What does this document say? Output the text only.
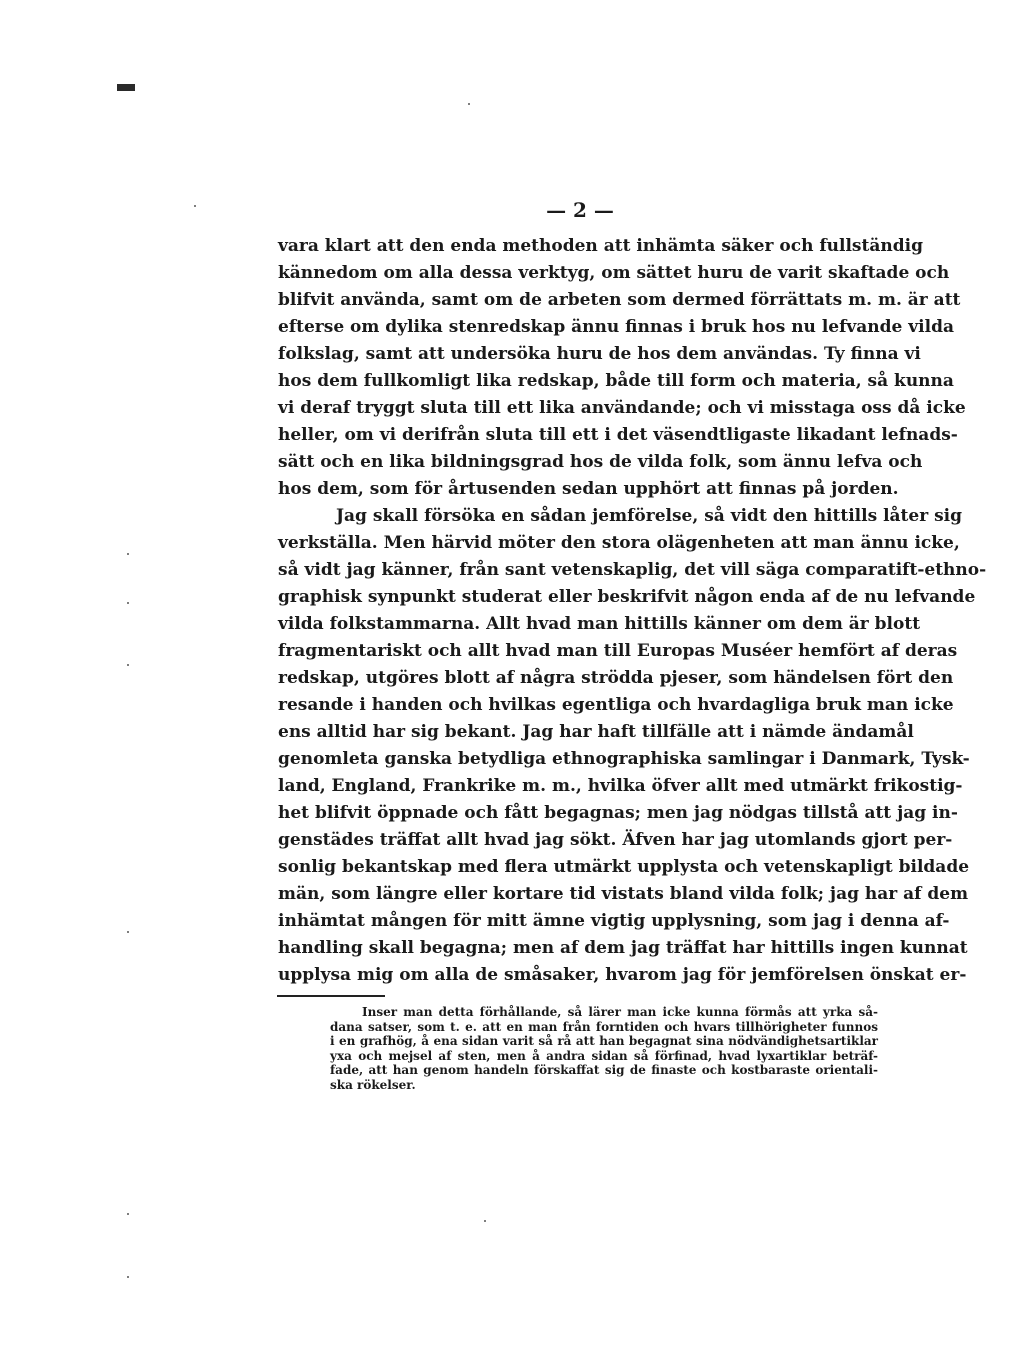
— 2 —
vara klart att den enda methoden att inhämta säker och fullständig
kännedom om alla dessa verktyg, om sättet huru de varit skaftade och
blifvit använda, samt om de arbeten som dermed förrättats m. m. är att
efterse om dylika stenredskap ännu finnas i bruk hos nu lefvande vilda
folkslag, samt att undersöka huru de hos dem användas. Ty finna vi
hos dem fullkomligt lika redskap, både till form och materia, så kunna
vi deraf tryggt sluta till ett lika användande; och vi misstaga oss då icke
heller, om vi derifrån sluta till ett i det väsendtligaste likadant lefnads-
sätt och en lika bildningsgrad hos de vilda folk, som ännu lefva och
hos dem, som för årtusenden sedan upphört att finnas på jorden.
Jag skall försöka en sådan jemförelse, så vidt den hittills låter sig
verkställa. Men härvid möter den stora olägenheten att man ännu icke,
så vidt jag känner, från sant vetenskaplig, det vill säga comparatift-ethno-
graphisk synpunkt studerat eller beskrifvit någon enda af de nu lefvande
vilda folkstammarna. Allt hvad man hittills känner om dem är blott
fragmentariskt och allt hvad man till Europas Muséer hemfört af deras
redskap, utgöres blott af några strödda pjeser, som händelsen fört den
resande i handen och hvilkas egentliga och hvardagliga bruk man icke
ens alltid har sig bekant. Jag har haft tillfälle att i nämde ändamål
genomleta ganska betydliga ethnographiska samlingar i Danmark, Tysk-
land, England, Frankrike m. m., hvilka öfver allt med utmärkt frikostig-
het blifvit öppnade och fått begagnas; men jag nödgas tillstå att jag in-
genstädes träffat allt hvad jag sökt. Äfven har jag utomlands gjort per-
sonlig bekantskap med flera utmärkt upplysta och vetenskapligt bildade
män, som längre eller kortare tid vistats bland vilda folk; jag har af dem
inhämtat mången för mitt ämne vigtig upplysning, som jag i denna af-
handling skall begagna; men af dem jag träffat har hittills ingen kunnat
upplysa mig om alla de småsaker, hvarom jag för jemförelsen önskat er-
Inser man detta förhållande, så lärer man icke kunna förmås att yrka så-
dana satser, som t. e. att en man från forntiden och hvars tillhörigheter funnos
i en grafhög, å ena sidan varit så rå att han begagnat sina nödvändighetsartiklar
yxa och mejsel af sten, men å andra sidan så förfinad, hvad lyxartiklar beträf-
fade, att han genom handeln förskaffat sig de finaste och kostbaraste orientali-
ska rökelser.
